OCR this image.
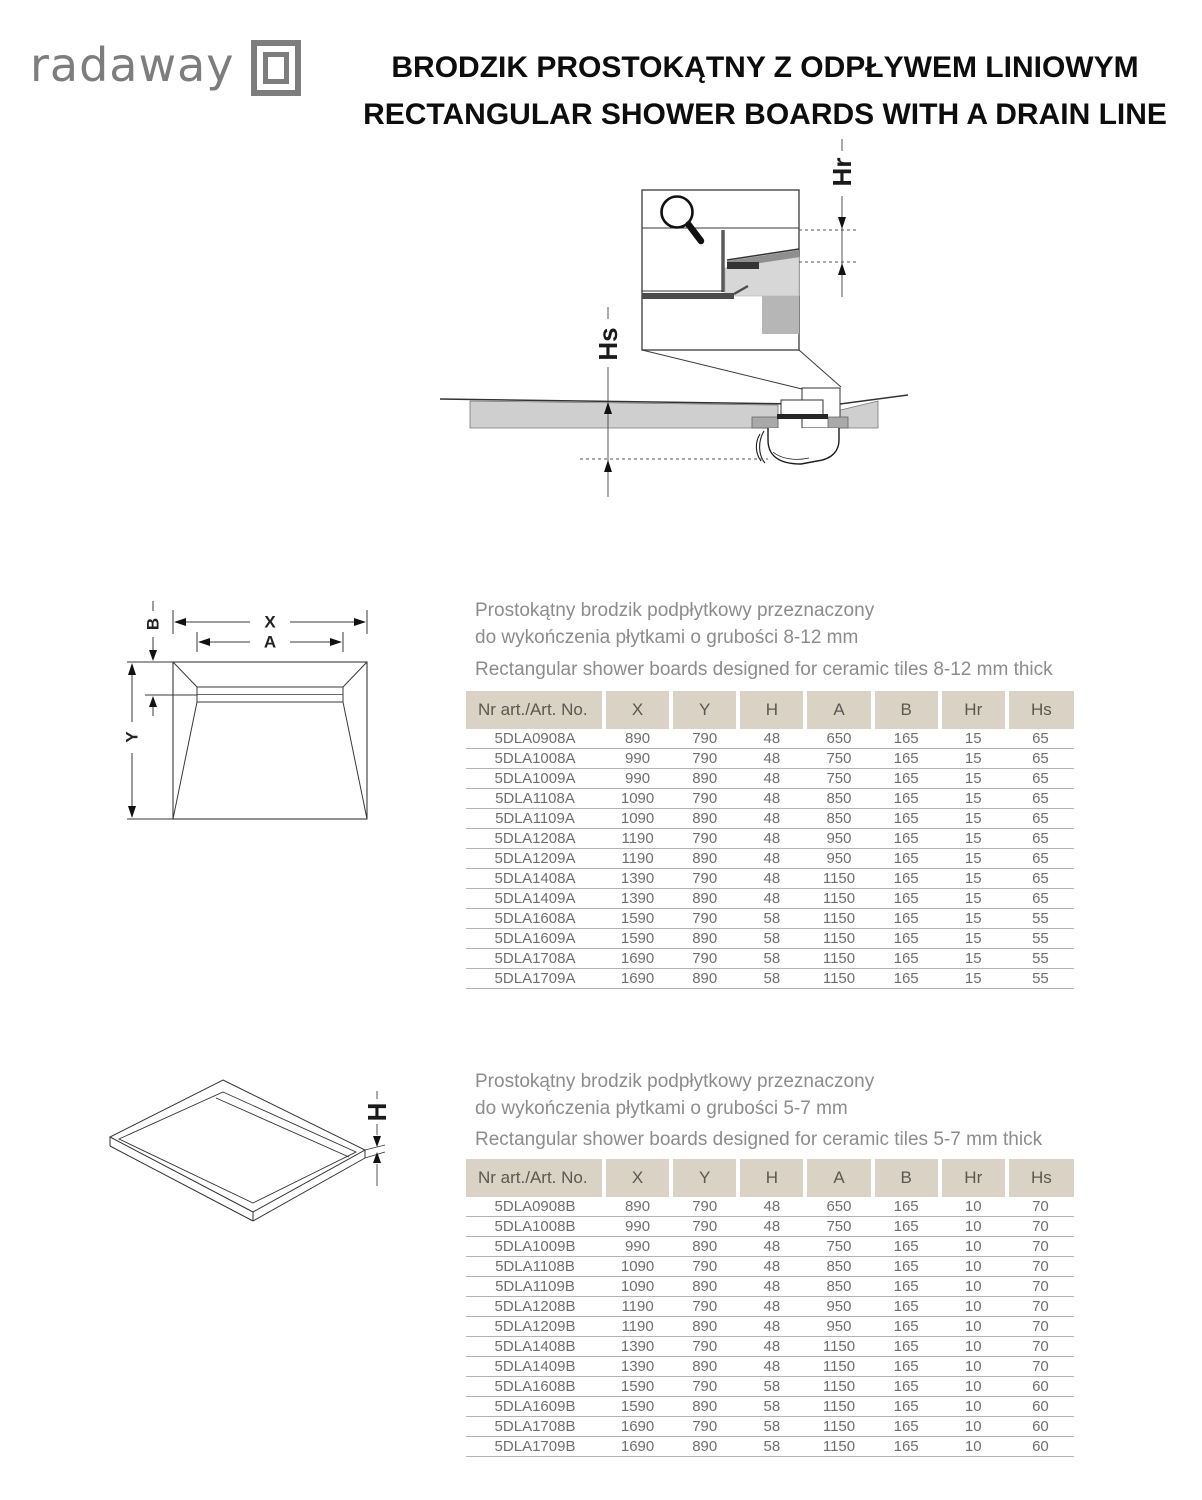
radaway	BRODZIK PROSTOKĄTNY Z ODPŁYWEM LINIOWYM
RECTANGULAR SHOWER BOARDS WITH A DRAIN LINE
Hr
Hs
X
A
B
Y
Prostokątny brodzik podpłytkowy przeznaczony
do wykończenia płytkami o grubości 8-12 mm
Rectangular shower boards designed for ceramic tiles 8-12 mm thick
Nr art./Art. No.	X	Y	H	A	B	Hr	Hs
5DLA0908A	890	790	48	650	165	15	65
5DLA1008A	990	790	48	750	165	15	65
5DLA1009A	990	890	48	750	165	15	65
5DLA1108A	1090	790	48	850	165	15	65
5DLA1109A	1090	890	48	850	165	15	65
5DLA1208A	1190	790	48	950	165	15	65
5DLA1209A	1190	890	48	950	165	15	65
5DLA1408A	1390	790	48	1150	165	15	65
5DLA1409A	1390	890	48	1150	165	15	65
5DLA1608A	1590	790	58	1150	165	15	55
5DLA1609A	1590	890	58	1150	165	15	55
5DLA1708A	1690	790	58	1150	165	15	55
5DLA1709A	1690	890	58	1150	165	15	55
H
Prostokątny brodzik podpłytkowy przeznaczony
do wykończenia płytkami o grubości 5-7 mm
Rectangular shower boards designed for ceramic tiles 5-7 mm thick
Nr art./Art. No.	X	Y	H	A	B	Hr	Hs
5DLA0908B	890	790	48	650	165	10	70
5DLA1008B	990	790	48	750	165	10	70
5DLA1009B	990	890	48	750	165	10	70
5DLA1108B	1090	790	48	850	165	10	70
5DLA1109B	1090	890	48	850	165	10	70
5DLA1208B	1190	790	48	950	165	10	70
5DLA1209B	1190	890	48	950	165	10	70
5DLA1408B	1390	790	48	1150	165	10	70
5DLA1409B	1390	890	48	1150	165	10	70
5DLA1608B	1590	790	58	1150	165	10	60
5DLA1609B	1590	890	58	1150	165	10	60
5DLA1708B	1690	790	58	1150	165	10	60
5DLA1709B	1690	890	58	1150	165	10	60
